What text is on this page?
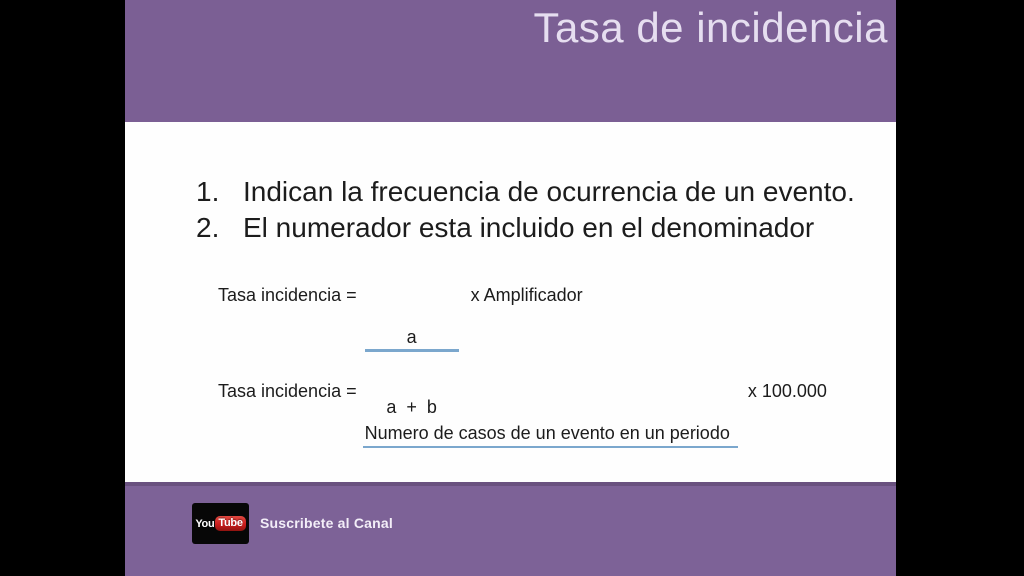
Tasa de incidencia
1. Indican la frecuencia de ocurrencia de un evento.
2. El numerador esta incluido en el denominador
Tasa incidencia =

$\frac{a}{a + b}$

x Amplificador
Tasa incidencia =

Numero de casos de un evento en un periodo

x 100.000
You Tube Suscribete al Canal
